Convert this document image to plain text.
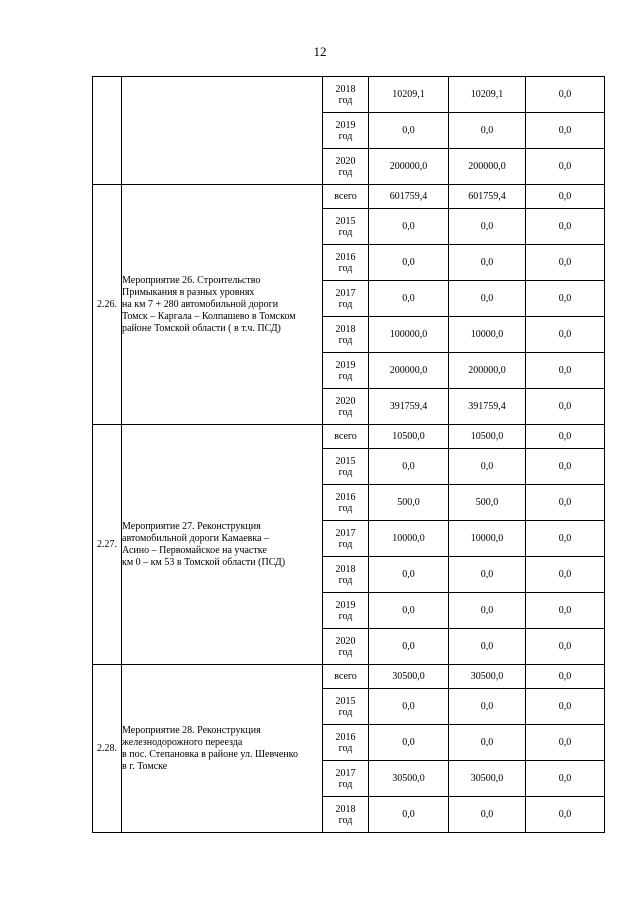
12
		2018
год	10209,1	10209,1	0,0
		2019
год	0,0	0,0	0,0
		2020
год	200000,0	200000,0	0,0
2.26.	Мероприятие 26. Строительство
Примыкания в разных уровнях
на км 7 + 280 автомобильной дороги
Томск – Каргала – Колпашево в Томском
районе Томской области ( в т.ч. ПСД)	всего	601759,4	601759,4	0,0
		2015
год	0,0	0,0	0,0
		2016
год	0,0	0,0	0,0
		2017
год	0,0	0,0	0,0
		2018
год	100000,0	10000,0	0,0
		2019
год	200000,0	200000,0	0,0
		2020
год	391759,4	391759,4	0,0
2.27.	Мероприятие 27. Реконструкция
автомобильной дороги Камаевка –
Асино – Первомайское на участке
км 0 – км 53 в Томской области (ПСД)	всего	10500,0	10500,0	0,0
		2015
год	0,0	0,0	0,0
		2016
год	500,0	500,0	0,0
		2017
год	10000,0	10000,0	0,0
		2018
год	0,0	0,0	0,0
		2019
год	0,0	0,0	0,0
		2020
год	0,0	0,0	0,0
2.28.	Мероприятие 28. Реконструкция
железнодорожного переезда
в пос. Степановка в районе ул. Шевченко
в г. Томске	всего	30500,0	30500,0	0,0
		2015
год	0,0	0,0	0,0
		2016
год	0,0	0,0	0,0
		2017
год	30500,0	30500,0	0,0
		2018
год	0,0	0,0	0,0
